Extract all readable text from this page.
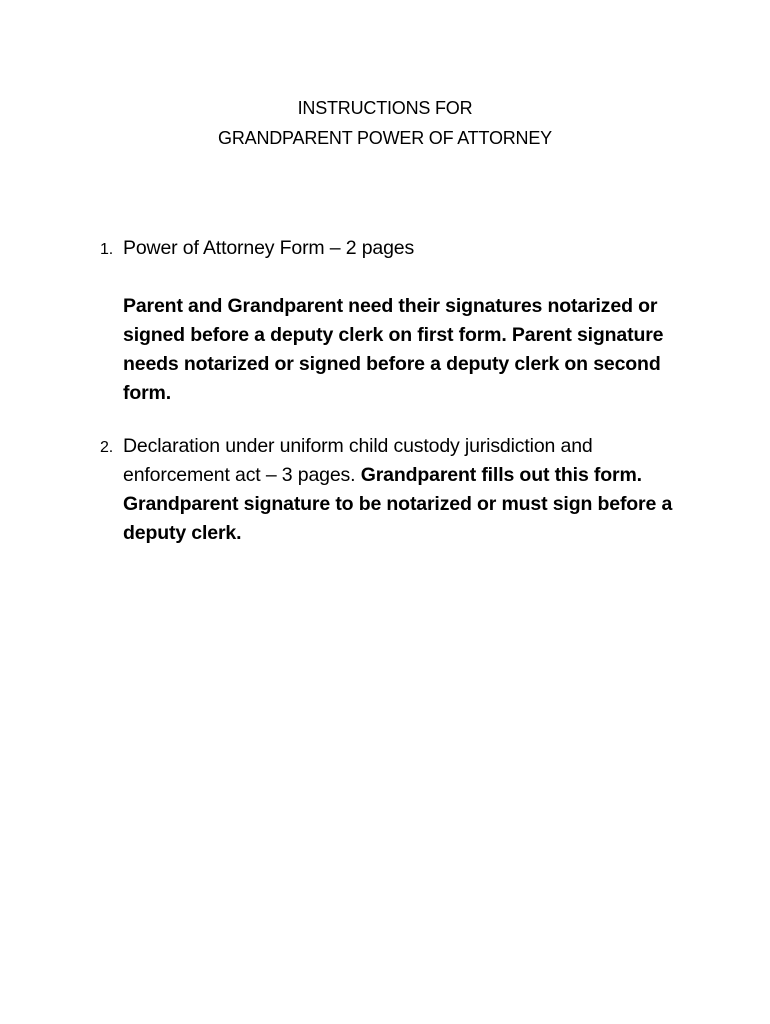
INSTRUCTIONS FOR
GRANDPARENT POWER OF ATTORNEY
1. Power of Attorney Form – 2 pages
Parent and Grandparent need their signatures notarized or signed before a deputy clerk on first form. Parent signature needs notarized or signed before a deputy clerk on second form.
2. Declaration under uniform child custody jurisdiction and enforcement act – 3 pages. Grandparent fills out this form. Grandparent signature to be notarized or must sign before a deputy clerk.
